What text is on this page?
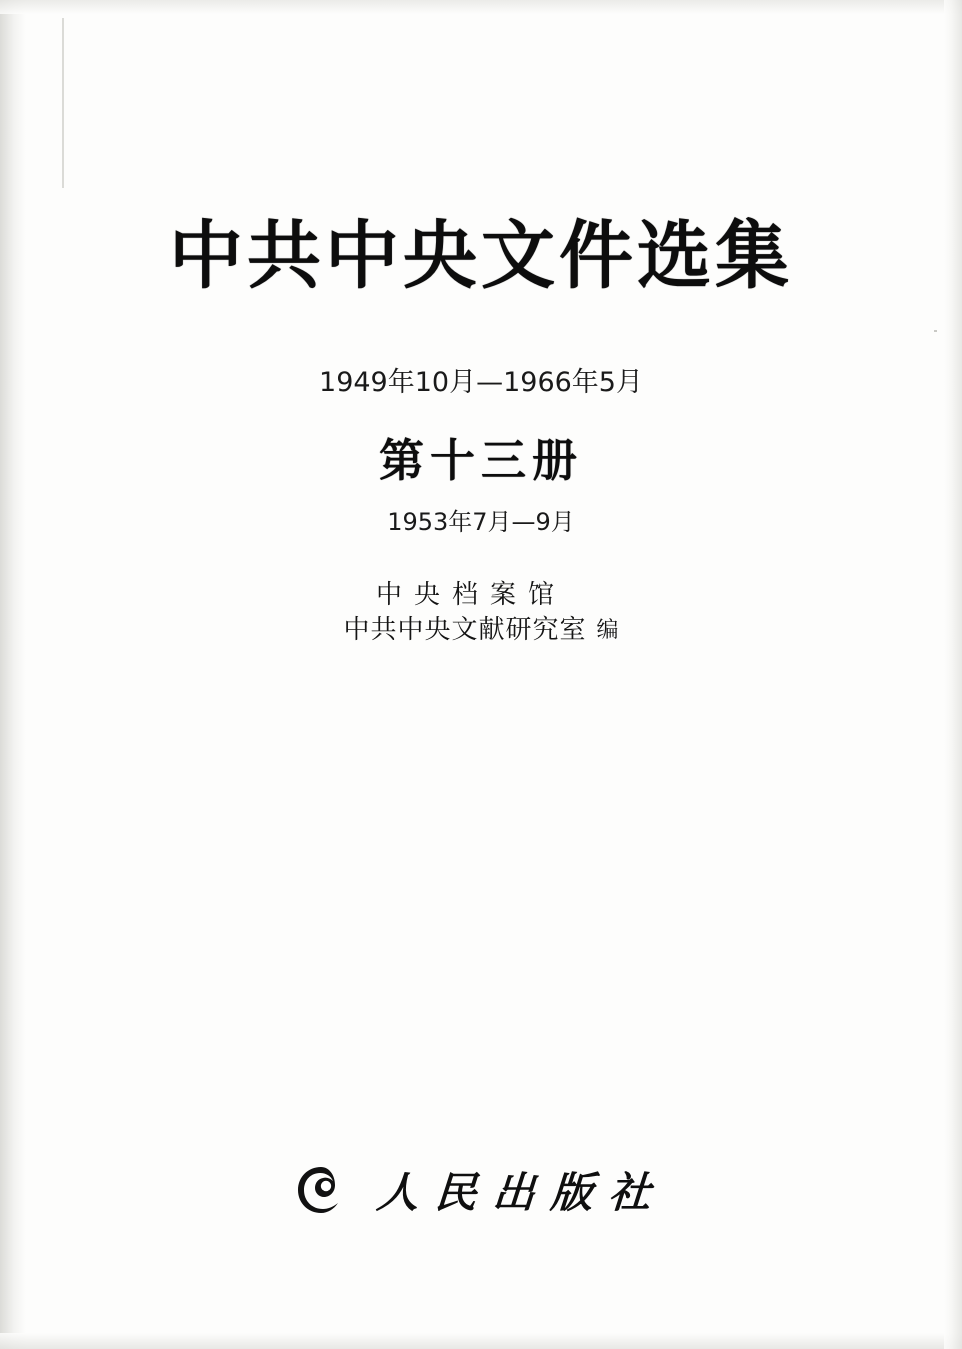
中共中央文件选集
1949年10月—1966年5月
第十三册
1953年7月—9月
中央档案馆
中共中央文献研究室 编
人民出版社
